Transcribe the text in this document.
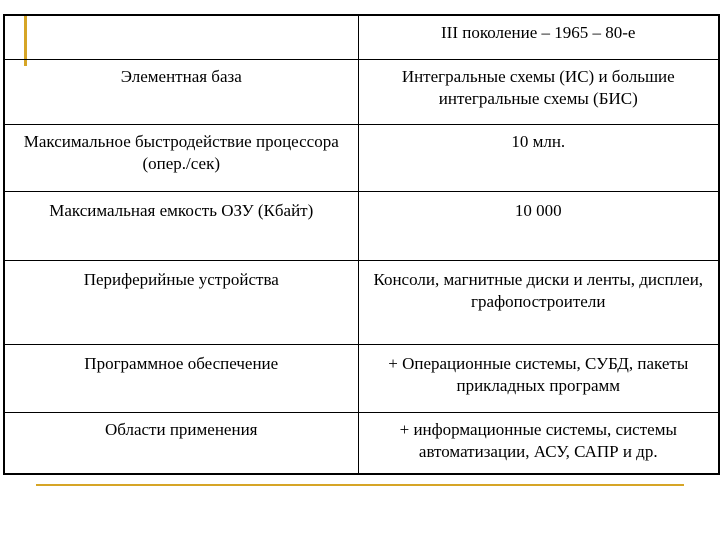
	III поколение – 1965 – 80-е
Элементная база	Интегральные схемы (ИС) и большие интегральные схемы (БИС)
Максимальное быстродействие процессора (опер./сек)	10 млн.
Максимальная емкость ОЗУ (Кбайт)	10 000
Периферийные устройства	Консоли, магнитные диски и ленты, дисплеи, графопостроители
Программное обеспечение	+ Операционные системы, СУБД, пакеты прикладных программ
Области применения	+ информационные системы, системы автоматизации, АСУ, САПР и др.
